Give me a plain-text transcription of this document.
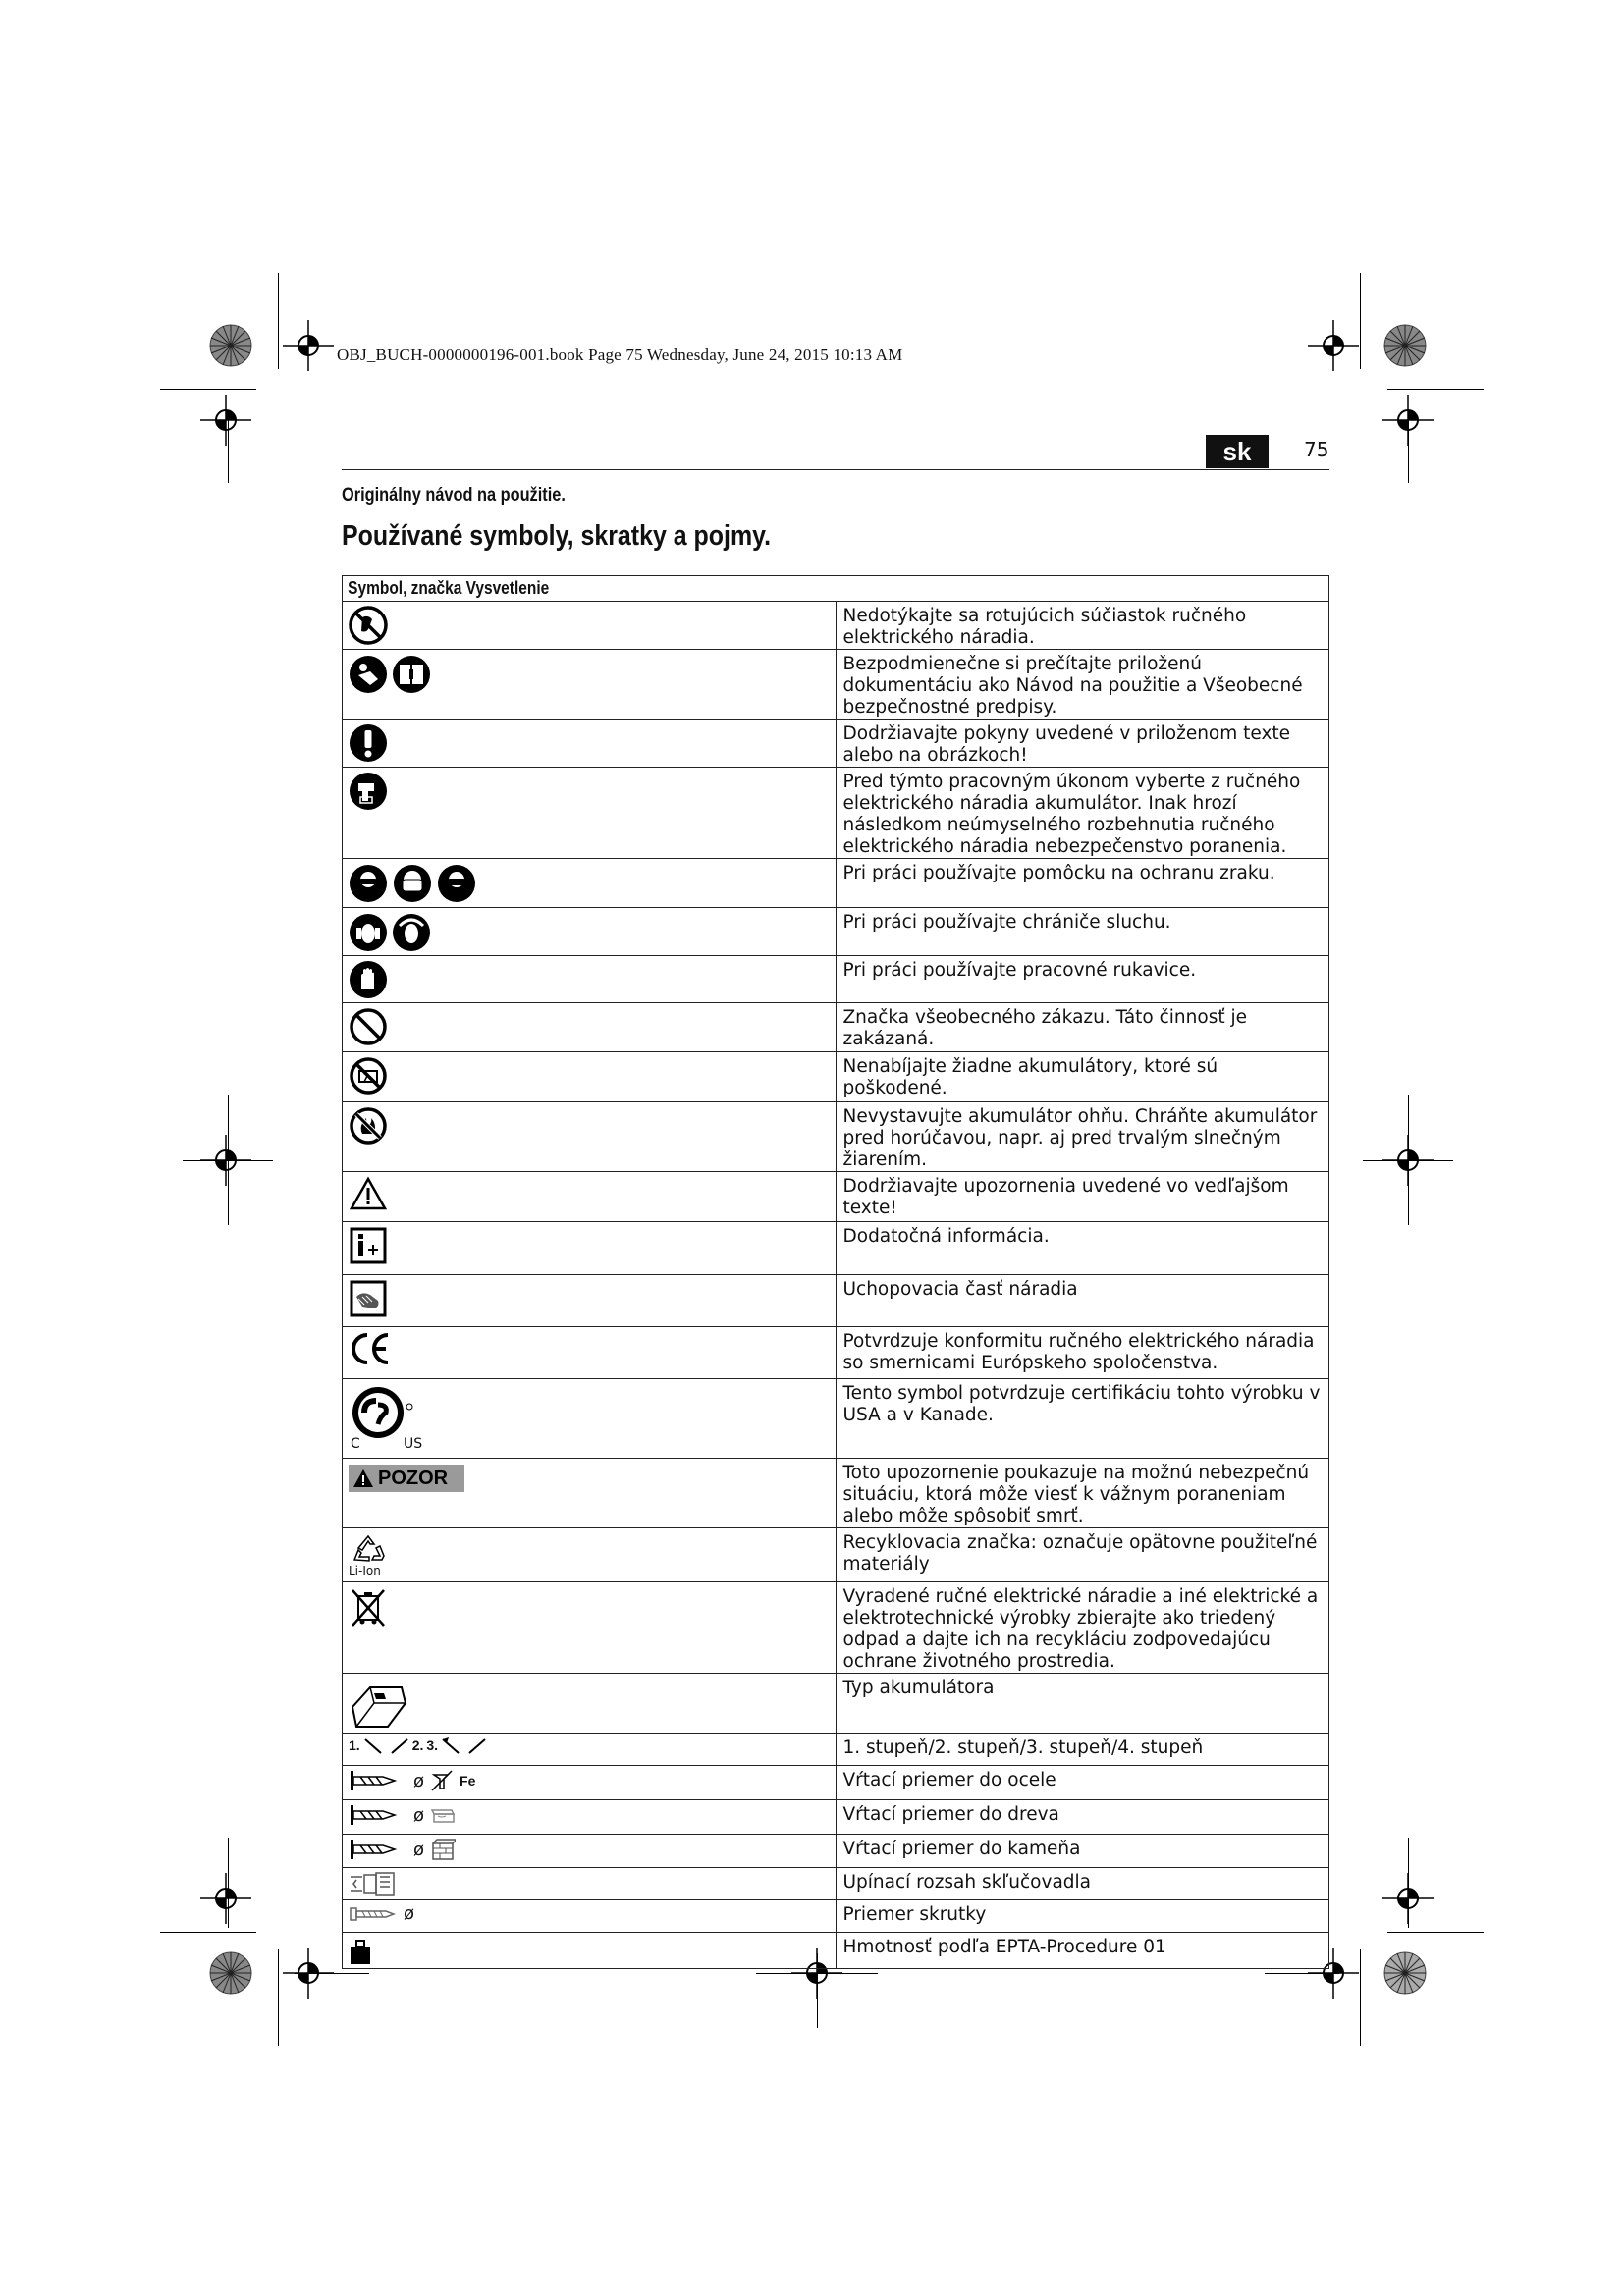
OBJ_BUCH-0000000196-001.book Page 75 Wednesday, June 24, 2015 10:13 AM
sk	75
Originálny návod na použitie.
Používané symboly, skratky a pojmy.
Symbol, značka Vysvetlenie	

	Nedotýkajte sa rotujúcich súčiastok ručného elektrického náradia.

	Bezpodmienečne si prečítajte priloženú dokumentáciu ako Návod na použitie a Všeobecné bezpečnostné predpisy.

	Dodržiavajte pokyny uvedené v priloženom texte alebo na obrázkoch!

	Pred týmto pracovným úkonom vyberte z ručného elektrického náradia akumulátor. Inak hrozí následkom neúmyselného rozbehnutia ručného elektrického náradia nebezpečenstvo poranenia.

	Pri práci používajte pomôcku na ochranu zraku.

	Pri práci používajte chrániče sluchu.

	Pri práci používajte pracovné rukavice.

	Značka všeobecného zákazu. Táto činnosť je zakázaná.

	Nenabíjajte žiadne akumulátory, ktoré sú poškodené.

	Nevystavujte akumulátor ohňu. Chráňte akumulátor pred horúčavou, napr. aj pred trvalým slnečným žiarením.

	Dodržiavajte upozornenia uvedené vo vedľajšom texte!

	Dodatočná informácia.

	Uchopovacia časť náradia

	Potvrdzuje konformitu ručného elektrického náradia so smernicami Európskeho spoločenstva.

C US	Tento symbol potvrdzuje certifikáciu tohto výrobku v USA a v Kanade.

POZOR	Toto upozornenie poukazuje na možnú nebezpečnú situáciu, ktorá môže viesť k vážnym poraneniam alebo môže spôsobiť smrť.

Li-Ion	Recyklovacia značka: označuje opätovne použiteľné materiály

	Vyradené ručné elektrické náradie a iné elektrické a elektrotechnické výrobky zbierajte ako triedený odpad a dajte ich na recykláciu zodpovedajúcu ochrane životného prostredia.

	Typ akumulátora

1. 2. 3.	1. stupeň/2. stupeň/3. stupeň/4. stupeň

ø Fe	Vŕtací priemer do ocele

ø	Vŕtací priemer do dreva

ø	Vŕtací priemer do kameňa

	Upínací rozsah skľučovadla

ø	Priemer skrutky

	Hmotnosť podľa EPTA-Procedure 01
